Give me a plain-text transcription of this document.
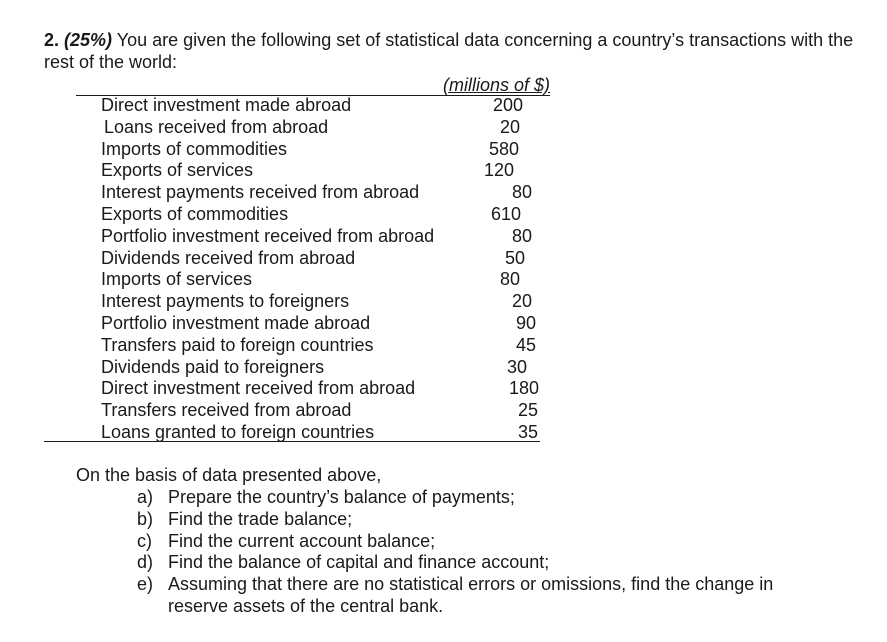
2. (25%) You are given the following set of statistical data concerning a country’s transactions with the rest of the world:
(millions of $)
Direct investment made abroad	200
Loans received from abroad	20
Imports of commodities	580
Exports of services	120
Interest payments received from abroad	80
Exports of commodities	610
Portfolio investment received from abroad	80
Dividends received from abroad	50
Imports of services	80
Interest payments to foreigners	20
Portfolio investment made abroad	90
Transfers paid to foreign countries	45
Dividends paid to foreigners	30
Direct investment received from abroad	180
Transfers received from abroad	25
Loans granted to foreign countries	35
On the basis of data presented above,
a) Prepare the country’s balance of payments;
b) Find the trade balance;
c) Find the current account balance;
d) Find the balance of capital and finance account;
e) Assuming that there are no statistical errors or omissions, find the change in reserve assets of the central bank.
